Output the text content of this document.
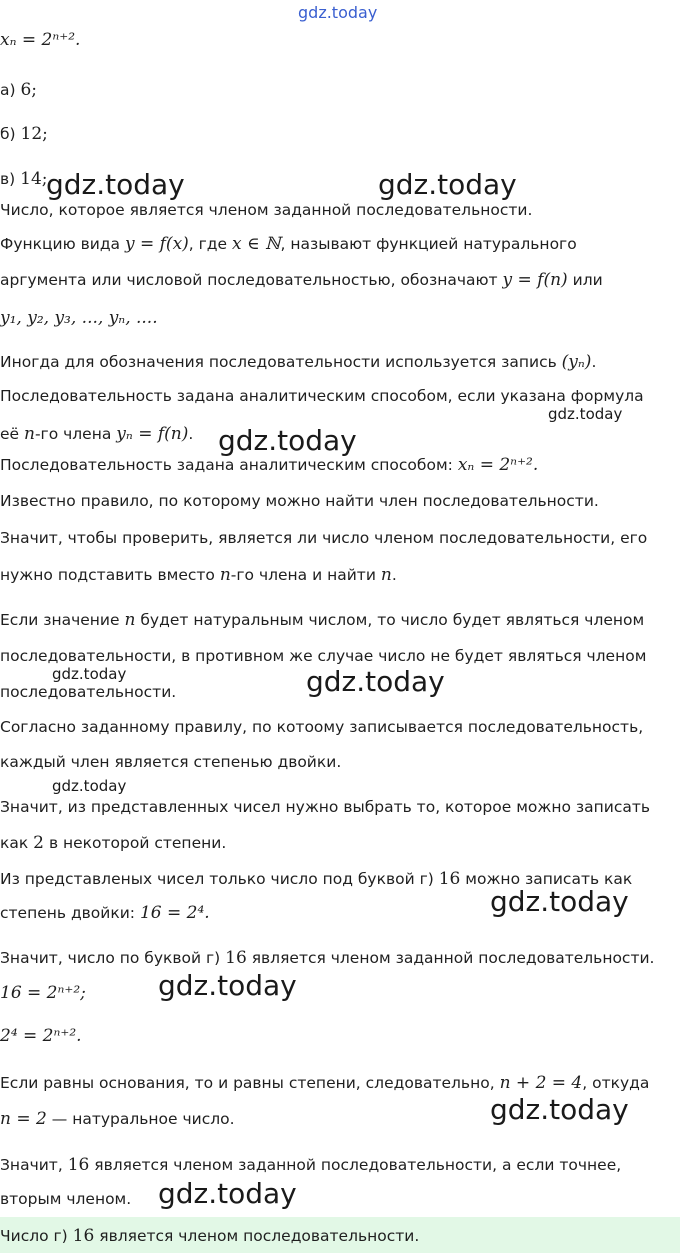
gdz.today
xₙ = 2ⁿ⁺².
а) 6;
б) 12;
в) 14;
Число, которое является членом заданной последовательности.
Функцию вида y = f(x), где x ∈ ℕ, называют функцией натурального
аргумента или числовой последовательностью, обозначают y = f(n) или
y₁, y₂, y₃, ..., yₙ, ....
Иногда для обозначения последовательности используется запись (yₙ).
Последовательность задана аналитическим способом, если указана формула
её n-го члена yₙ = f(n).
Последовательность задана аналитическим способом: xₙ = 2ⁿ⁺².
Известно правило, по которому можно найти член последовательности.
Значит, чтобы проверить, является ли число членом последовательности, его
нужно подставить вместо n-го члена и найти n.
Если значение n будет натуральным числом, то число будет являться членом
последовательности, в противном же случае число не будет являться членом
последовательности.
Согласно заданному правилу, по котоому записывается последовательность,
каждый член является степенью двойки.
Значит, из представленных чисел нужно выбрать то, которое можно записать
как 2 в некоторой степени.
Из представленых чисел только число под буквой г) 16 можно записать как
степень двойки: 16 = 2⁴.
Значит, число по буквой г) 16 является членом заданной последовательности.
16 = 2ⁿ⁺²;
2⁴ = 2ⁿ⁺².
Если равны основания, то и равны степени, следовательно, n + 2 = 4, откуда
n = 2 — натуральное число.
Значит, 16 является членом заданной последовательности, а если точнее,
вторым членом.
Число г) 16 является членом последовательности.
gdz.today	gdz.today
gdz.today
gdz.today
gdz.today	gdz.today
gdz.today
gdz.today
gdz.today
gdz.today
gdz.today
